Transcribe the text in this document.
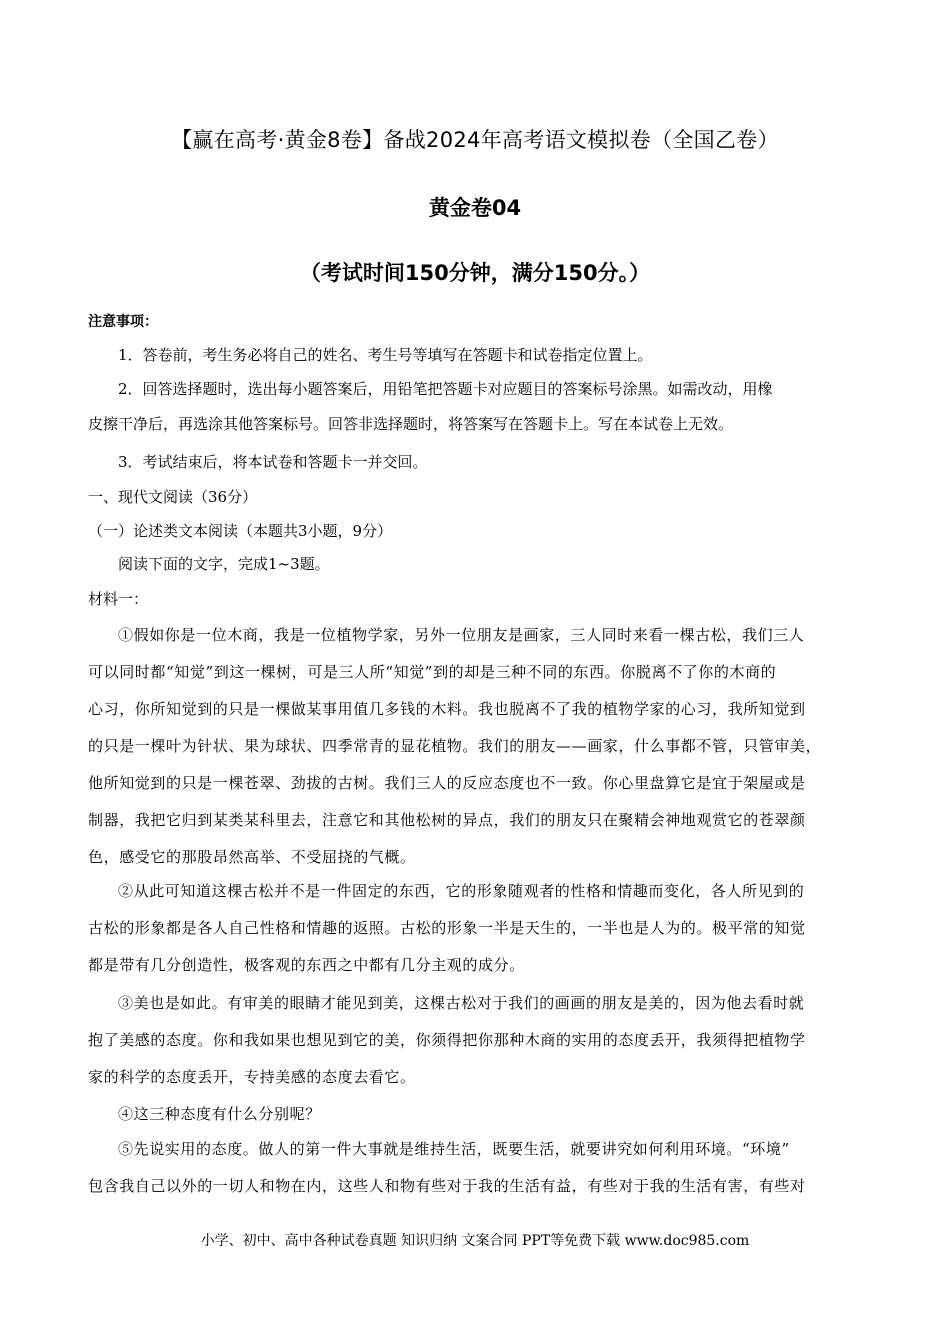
【赢在高考·黄金8卷】备战2024年高考语文模拟卷（全国乙卷）
黄金卷04
（考试时间150分钟，满分150分。）
注意事项：
1．答卷前，考生务必将自己的姓名、考生号等填写在答题卡和试卷指定位置上。
2．回答选择题时，选出每小题答案后，用铅笔把答题卡对应题目的答案标号涂黑。如需改动，用橡
皮擦干净后，再选涂其他答案标号。回答非选择题时，将答案写在答题卡上。写在本试卷上无效。
3．考试结束后，将本试卷和答题卡一并交回。
一、现代文阅读（36分）
（一）论述类文本阅读（本题共3小题，9分）
阅读下面的文字，完成1~3题。
材料一：
①假如你是一位木商，我是一位植物学家，另外一位朋友是画家，三人同时来看一棵古松，我们三人
可以同时都“知觉”到这一棵树，可是三人所“知觉”到的却是三种不同的东西。你脱离不了你的木商的
心习，你所知觉到的只是一棵做某事用值几多钱的木料。我也脱离不了我的植物学家的心习，我所知觉到
的只是一棵叶为针状、果为球状、四季常青的显花植物。我们的朋友——画家，什么事都不管，只管审美，
他所知觉到的只是一棵苍翠、劲拔的古树。我们三人的反应态度也不一致。你心里盘算它是宜于架屋或是
制器，我把它归到某类某科里去，注意它和其他松树的异点，我们的朋友只在聚精会神地观赏它的苍翠颜
色，感受它的那股昂然高举、不受屈挠的气概。
②从此可知道这棵古松并不是一件固定的东西，它的形象随观者的性格和情趣而变化，各人所见到的
古松的形象都是各人自己性格和情趣的返照。古松的形象一半是天生的，一半也是人为的。极平常的知觉
都是带有几分创造性，极客观的东西之中都有几分主观的成分。
③美也是如此。有审美的眼睛才能见到美，这棵古松对于我们的画画的朋友是美的，因为他去看时就
抱了美感的态度。你和我如果也想见到它的美，你须得把你那种木商的实用的态度丢开，我须得把植物学
家的科学的态度丢开，专持美感的态度去看它。
④这三种态度有什么分别呢？
⑤先说实用的态度。做人的第一件大事就是维持生活，既要生活，就要讲究如何利用环境。“环境”
包含我自己以外的一切人和物在内，这些人和物有些对于我的生活有益，有些对于我的生活有害，有些对
小学、初中、高中各种试卷真题 知识归纳 文案合同 PPT等免费下载 www.doc985.com
